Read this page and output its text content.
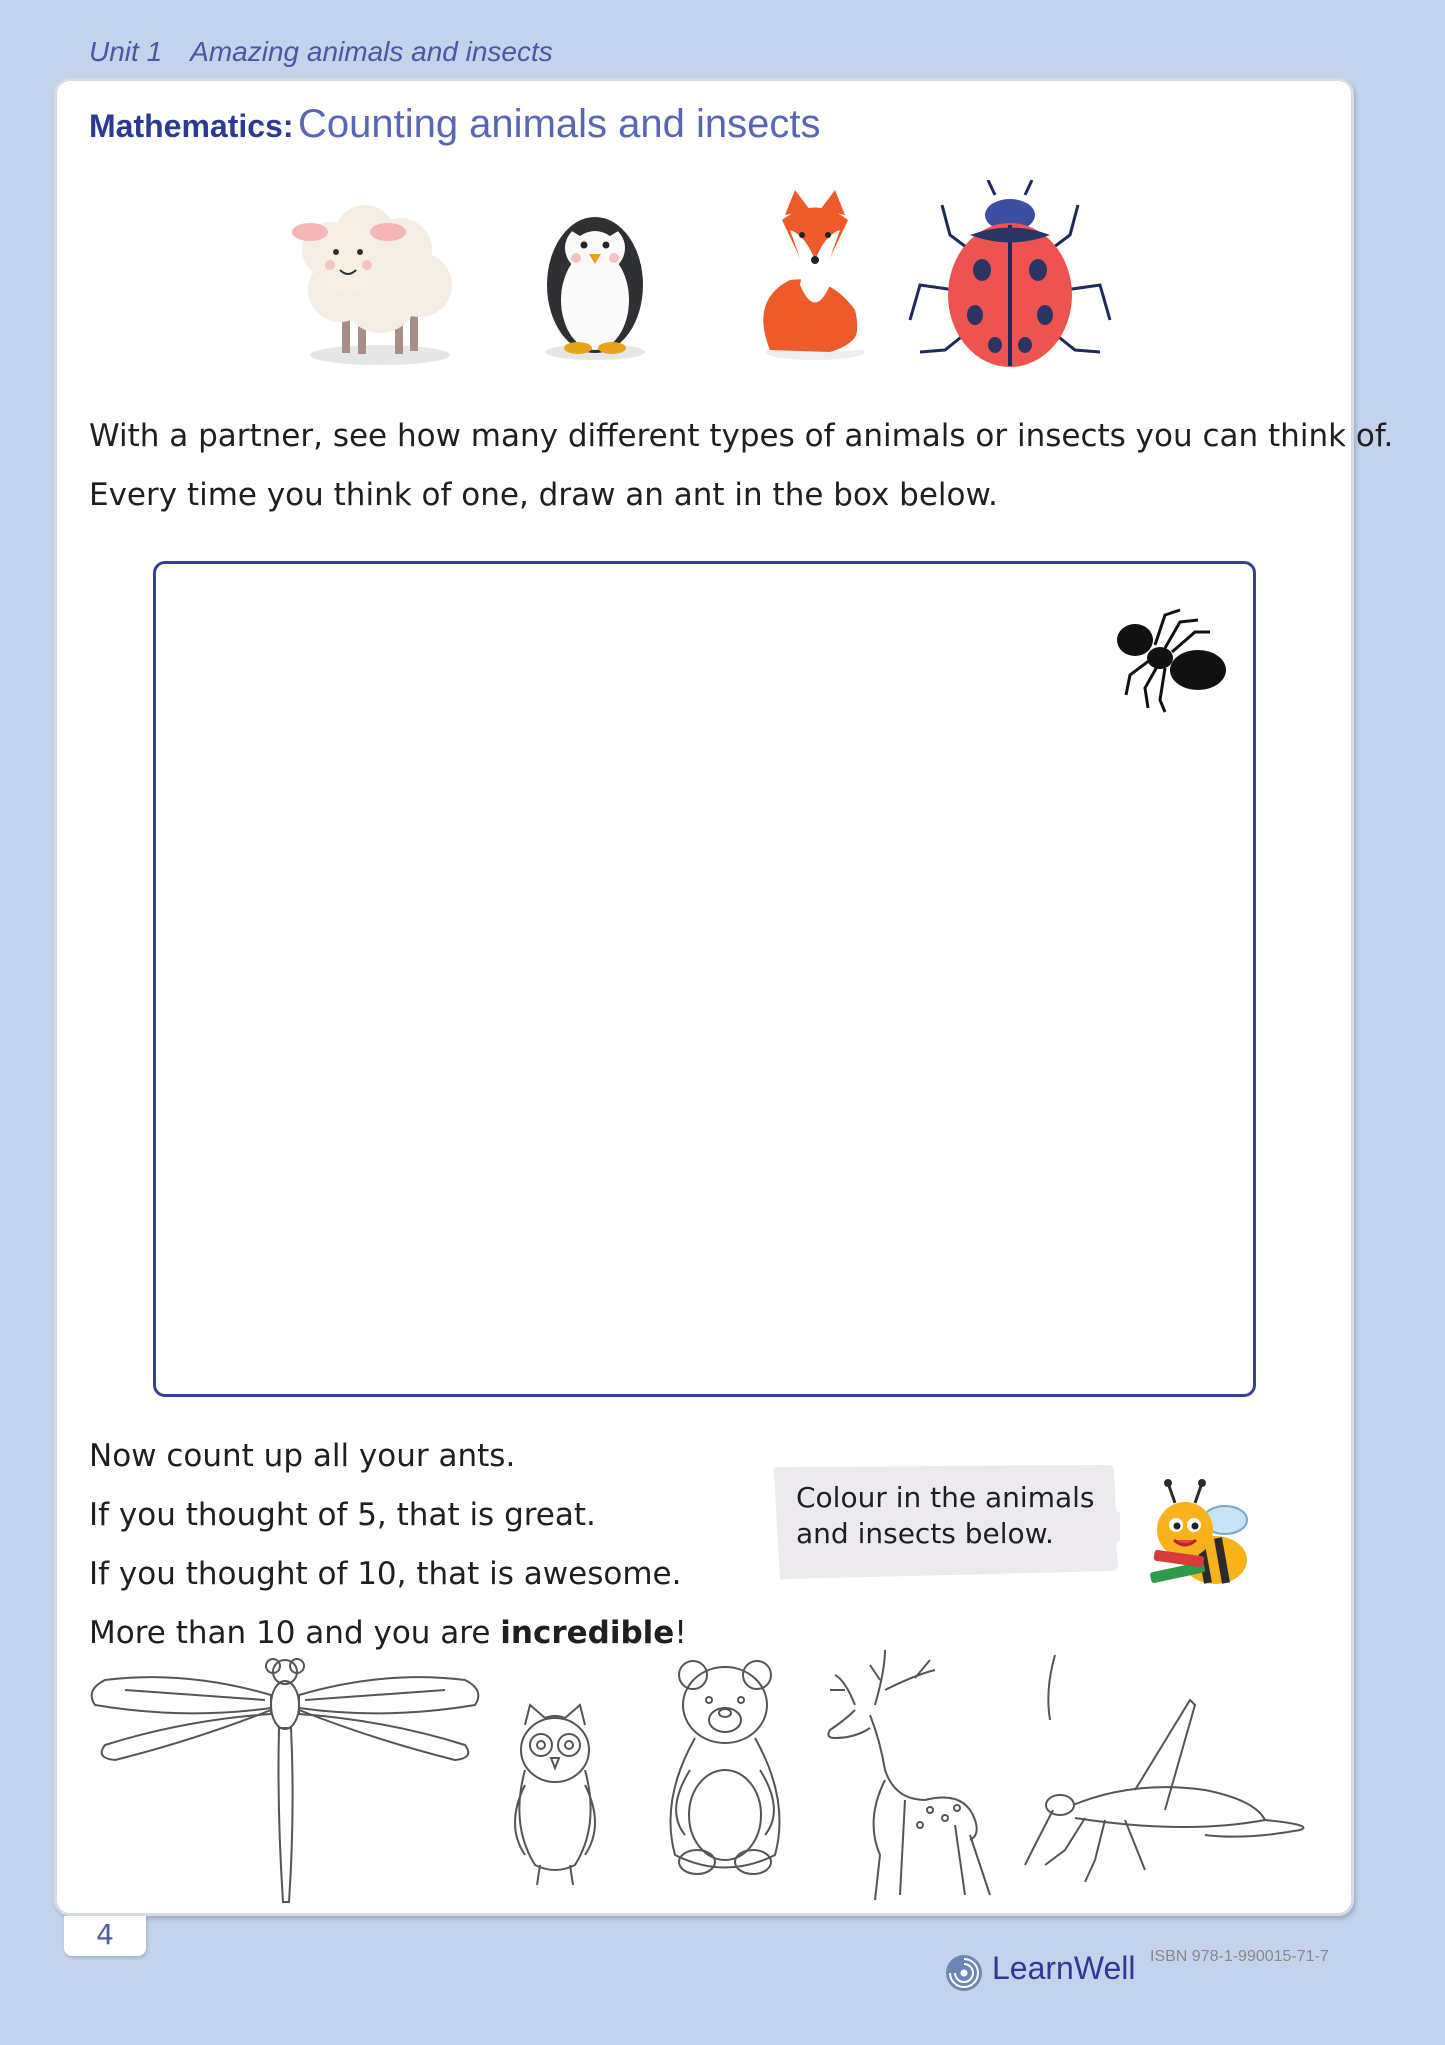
Unit 1 Amazing animals and insects
Mathematics: Counting animals and insects
With a partner, see how many different types of animals or insects you can think of.
Every time you think of one, draw an ant in the box below.
Now count up all your ants.
If you thought of 5, that is great.
If you thought of 10, that is awesome.
More than 10 and you are incredible!
Colour in the animals
and insects below.
4
LearnWell ISBN 978-1-990015-71-7
